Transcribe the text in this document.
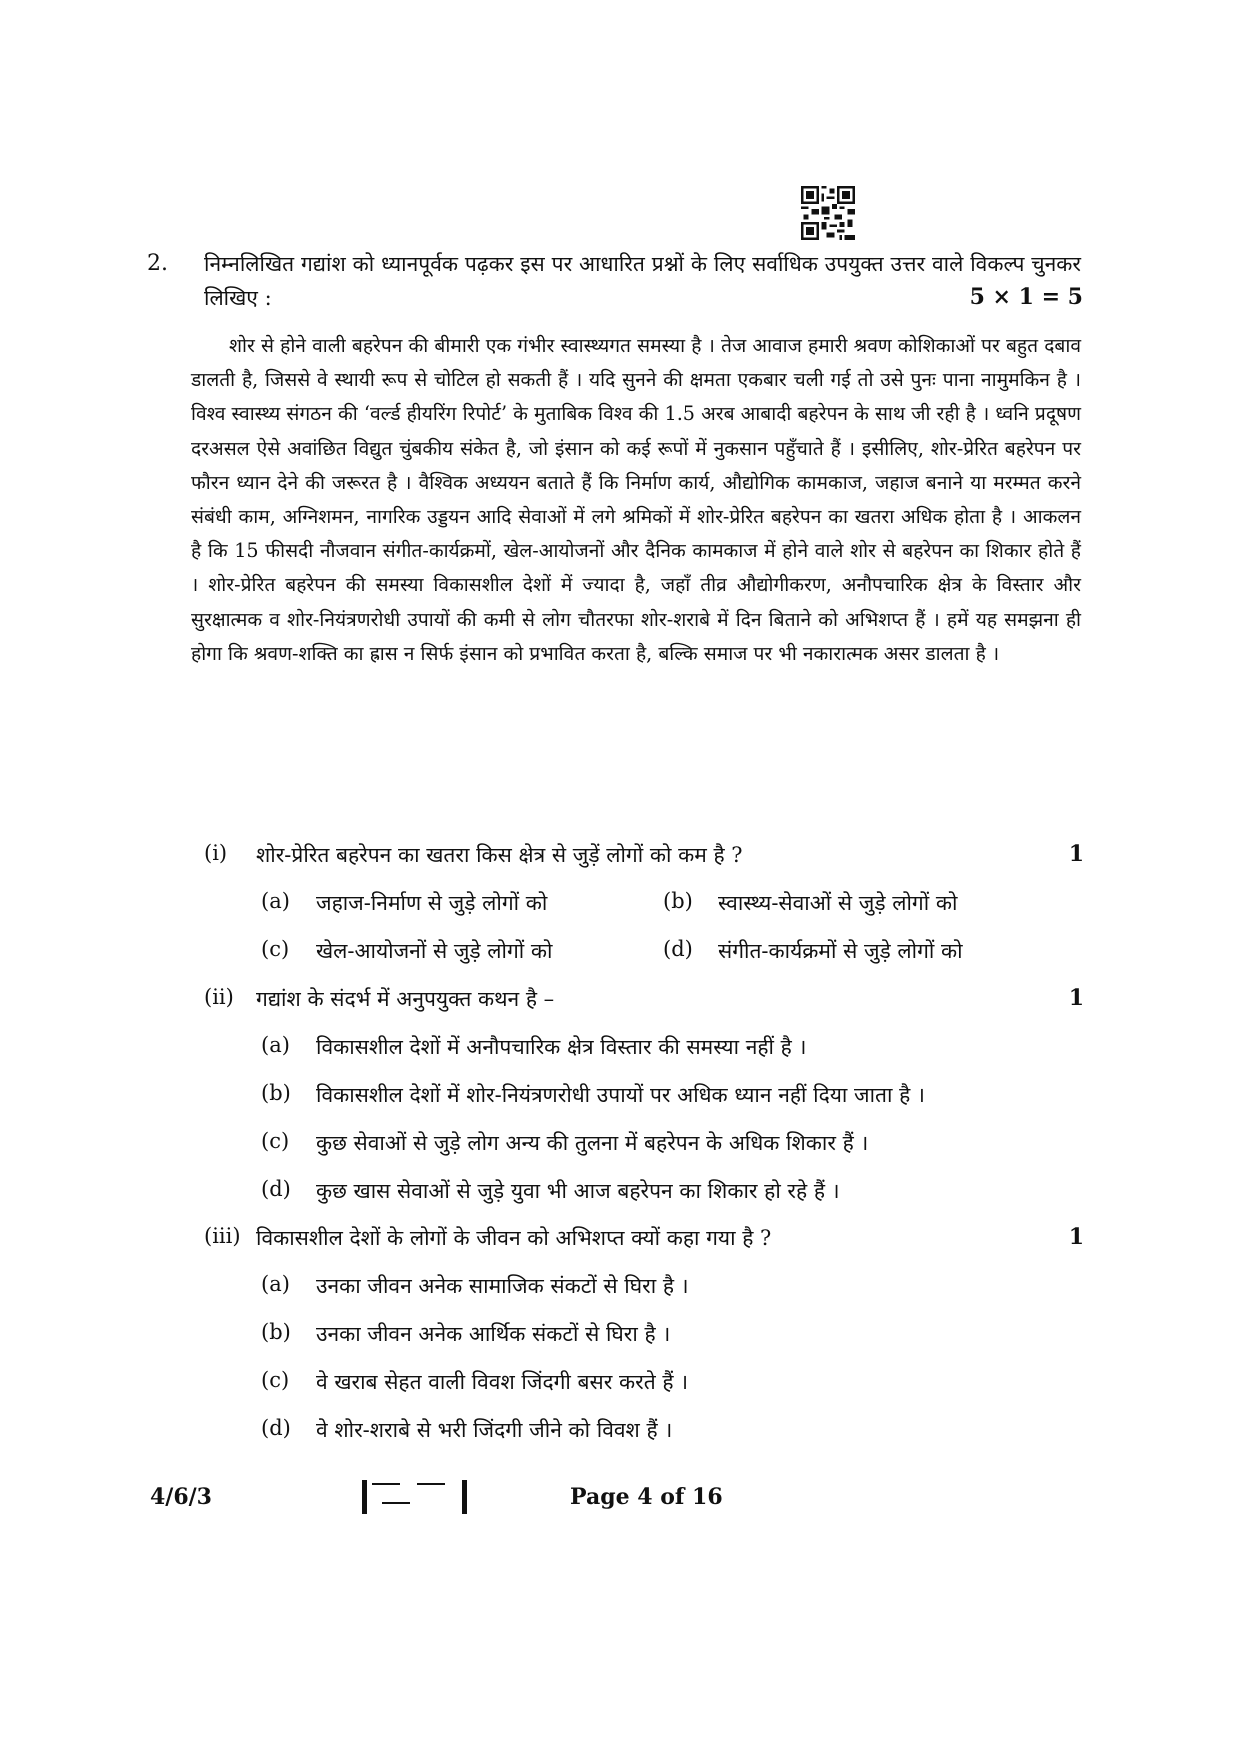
2. निम्नलिखित गद्यांश को ध्यानपूर्वक पढ़कर इस पर आधारित प्रश्नों के लिए सर्वाधिक उपयुक्त उत्तर वाले विकल्प चुनकर लिखिए :	5 × 1 = 5
शोर से होने वाली बहरेपन की बीमारी एक गंभीर स्वास्थ्यगत समस्या है । तेज आवाज हमारी श्रवण कोशिकाओं पर बहुत दबाव डालती है, जिससे वे स्थायी रूप से चोटिल हो सकती हैं । यदि सुनने की क्षमता एकबार चली गई तो उसे पुनः पाना नामुमकिन है । विश्व स्वास्थ्य संगठन की ‘वर्ल्ड हीयरिंग रिपोर्ट’ के मुताबिक विश्व की 1.5 अरब आबादी बहरेपन के साथ जी रही है । ध्वनि प्रदूषण दरअसल ऐसे अवांछित विद्युत चुंबकीय संकेत है, जो इंसान को कई रूपों में नुकसान पहुँचाते हैं । इसीलिए, शोर-प्रेरित बहरेपन पर फौरन ध्यान देने की जरूरत है । वैश्विक अध्ययन बताते हैं कि निर्माण कार्य, औद्योगिक कामकाज, जहाज बनाने या मरम्मत करने संबंधी काम, अग्निशमन, नागरिक उड्डयन आदि सेवाओं में लगे श्रमिकों में शोर-प्रेरित बहरेपन का खतरा अधिक होता है । आकलन है कि 15 फीसदी नौजवान संगीत-कार्यक्रमों, खेल-आयोजनों और दैनिक कामकाज में होने वाले शोर से बहरेपन का शिकार होते हैं । शोर-प्रेरित बहरेपन की समस्या विकासशील देशों में ज्यादा है, जहाँ तीव्र औद्योगीकरण, अनौपचारिक क्षेत्र के विस्तार और सुरक्षात्मक व शोर-नियंत्रणरोधी उपायों की कमी से लोग चौतरफा शोर-शराबे में दिन बिताने को अभिशप्त हैं । हमें यह समझना ही होगा कि श्रवण-शक्ति का ह्रास न सिर्फ इंसान को प्रभावित करता है, बल्कि समाज पर भी नकारात्मक असर डालता है ।
(i)	शोर-प्रेरित बहरेपन का खतरा किस क्षेत्र से जुड़ें लोगों को कम है ?	1
(a)	जहाज-निर्माण से जुड़े लोगों को	(b)	स्वास्थ्य-सेवाओं से जुड़े लोगों को
(c)	खेल-आयोजनों से जुड़े लोगों को	(d)	संगीत-कार्यक्रमों से जुड़े लोगों को
(ii)	गद्यांश के संदर्भ में अनुपयुक्त कथन है –	1
(a)	विकासशील देशों में अनौपचारिक क्षेत्र विस्तार की समस्या नहीं है ।
(b)	विकासशील देशों में शोर-नियंत्रणरोधी उपायों पर अधिक ध्यान नहीं दिया जाता है ।
(c)	कुछ सेवाओं से जुड़े लोग अन्य की तुलना में बहरेपन के अधिक शिकार हैं ।
(d)	कुछ खास सेवाओं से जुड़े युवा भी आज बहरेपन का शिकार हो रहे हैं ।
(iii) विकासशील देशों के लोगों के जीवन को अभिशप्त क्यों कहा गया है ?	1
(a)	उनका जीवन अनेक सामाजिक संकटों से घिरा है ।
(b)	उनका जीवन अनेक आर्थिक संकटों से घिरा है ।
(c)	वे खराब सेहत वाली विवश जिंदगी बसर करते हैं ।
(d)	वे शोर-शराबे से भरी जिंदगी जीने को विवश हैं ।
4/6/3	Page 4 of 16
